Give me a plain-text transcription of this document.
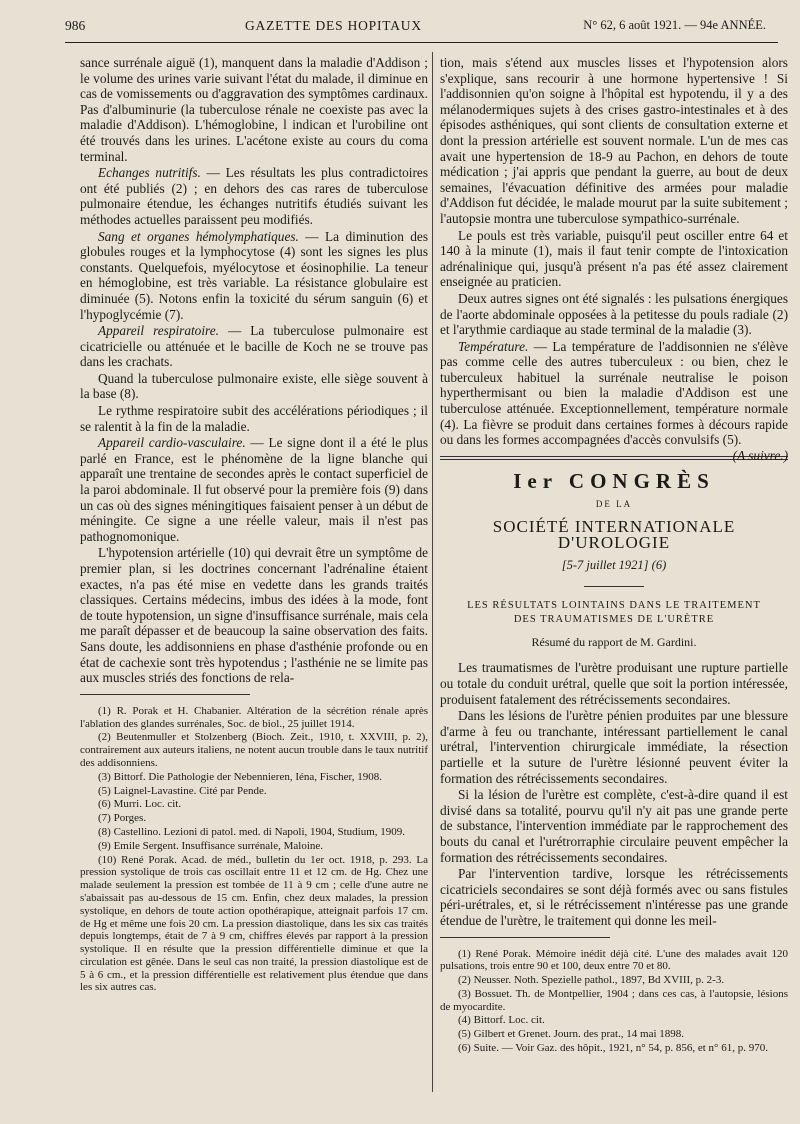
986	GAZETTE DES HOPITAUX	N° 62, 6 août 1921. — 94e ANNÉE.

sance surrénale aiguë (1), manquent dans la maladie d'Addison ; le volume des urines varie suivant l'état du malade, il diminue en cas de vomissements ou d'aggravation des symptômes cardinaux. Pas d'albuminurie (la tuberculose rénale ne coexiste pas avec la maladie d'Addison). L'hémoglobine, l indican et l'urobiline ont été trouvés dans les urines. L'acétone existe au cours du coma terminal.

Echanges nutritifs. — Les résultats les plus contradictoires ont été publiés (2) ; en dehors des cas rares de tuberculose pulmonaire étendue, les échanges nutritifs étudiés suivant les méthodes actuelles paraissent peu modifiés.

Sang et organes hémolymphatiques. — La diminution des globules rouges et la lymphocytose (4) sont les signes les plus constants. Quelquefois, myélocytose et éosinophilie. La teneur en hémoglobine, est très variable. La résistance globulaire est diminuée (5). Notons enfin la toxicité du sérum sanguin (6) et l'hypoglycémie (7).

Appareil respiratoire. — La tuberculose pulmonaire est cicatricielle ou atténuée et le bacille de Koch ne se trouve pas dans les crachats.

Quand la tuberculose pulmonaire existe, elle siège souvent à la base (8).

Le rythme respiratoire subit des accélérations périodiques ; il se ralentit à la fin de la maladie.

Appareil cardio-vasculaire. — Le signe dont il a été le plus parlé en France, est le phénomène de la ligne blanche qui apparaît une trentaine de secondes après le contact superficiel de la paroi abdominale. Il fut observé pour la première fois (9) dans un cas où des signes méningitiques faisaient penser à un début de méningite. Ce signe a une réelle valeur, mais il n'est pas pathognomonique.

L'hypotension artérielle (10) qui devrait être un symptôme de premier plan, si les doctrines concernant l'adrénaline étaient exactes, n'a pas été mise en vedette dans les grands traités classiques. Certains médecins, imbus des idées à la mode, font de toute hypotension, un signe d'insuffisance surrénale, mais cela me paraît dépasser et de beaucoup la saine observation des faits. Sans doute, les addisonniens en phase d'asthénie profonde ou en état de cachexie sont très hypotendus ; l'asthénie ne se limite pas aux muscles striés des fonctions de rela-

(1) R. Porak et H. Chabanier. Altération de la sécrétion rénale après l'ablation des glandes surrénales, Soc. de biol., 25 juillet 1914.

(2) Beutenmuller et Stolzenberg (Bioch. Zeit., 1910, t. XXVIII, p. 2), contrairement aux auteurs italiens, ne notent aucun trouble dans le taux nutritif des addisonniens.

(3) Bittorf. Die Pathologie der Nebennieren, Iéna, Fischer, 1908.

(5) Laignel-Lavastine. Cité par Pende.

(6) Murri. Loc. cit.

(7) Porges.

(8) Castellino. Lezioni di patol. med. di Napoli, 1904, Studium, 1909.

(9) Emile Sergent. Insuffisance surrénale, Maloine.

(10) René Porak. Acad. de méd., bulletin du 1er oct. 1918, p. 293. La pression systolique de trois cas oscillait entre 11 et 12 cm. de Hg. Chez une malade seulement la pression est tombée de 11 à 9 cm ; celle d'une autre ne s'abaissait pas au-dessous de 15 cm. Enfin, chez deux malades, la pression systolique, en dehors de toute action opothérapique, atteignait parfois 17 cm. de Hg et même une fois 20 cm. La pression diastolique, dans les six cas traités depuis longtemps, était de 7 à 9 cm, chiffres élevés par rapport à la pression systolique. Il en résulte que la pression différentielle diminue et que la circulation est gênée. Dans le seul cas non traité, la pression diastolique est de 5 à 6 cm., et la pression différentielle est relativement plus étendue que dans les six autres cas.

tion, mais s'étend aux muscles lisses et l'hypotension alors s'explique, sans recourir à une hormone hypertensive ! Si l'addisonnien qu'on soigne à l'hôpital est hypotendu, il y a des mélanodermiques sujets à des crises gastro-intestinales et à des épisodes asthéniques, qui sont clients de consultation externe et dont la pression artérielle est souvent normale. L'un de mes cas avait une hypertension de 18-9 au Pachon, en dehors de toute médication ; j'ai appris que pendant la guerre, au bout de deux semaines, l'évacuation définitive des armées pour maladie d'Addison fut décidée, le malade mourut par la suite subitement ; l'autopsie montra une tuberculose sympathico-surrénale.

Le pouls est très variable, puisqu'il peut osciller entre 64 et 140 à la minute (1), mais il faut tenir compte de l'intoxication adrénalinique qui, jusqu'à présent n'a pas été assez clairement enseignée au praticien.

Deux autres signes ont été signalés : les pulsations énergiques de l'aorte abdominale opposées à la petitesse du pouls radiale (2) et l'arythmie cardiaque au stade terminal de la maladie (3).

Température. — La température de l'addisonnien ne s'élève pas comme celle des autres tuberculeux : ou bien, chez le tuberculeux habituel la surrénale neutralise le poison hyperthermisant ou bien la maladie d'Addison est une tuberculose atténuée. Exceptionnellement, température normale (4). La fièvre se produit dans certaines formes à décours rapide ou dans les formes accompagnées d'accès convulsifs (5).
(A suivre.)

Ier CONGRÈS
DE LA
SOCIÉTÉ INTERNATIONALE D'UROLOGIE
[5-7 juillet 1921] (6)
LES RÉSULTATS LOINTAINS DANS LE TRAITEMENT
DES TRAUMATISMES DE L'URÈTRE
Résumé du rapport de M. Gardini.

Les traumatismes de l'urètre produisant une rupture partielle ou totale du conduit urétral, quelle que soit la portion intéressée, produisent fatalement des rétrécissements secondaires.

Dans les lésions de l'urètre pénien produites par une blessure d'arme à feu ou tranchante, intéressant partiellement le canal urétral, l'intervention chirurgicale immédiate, la résection partielle et la suture de l'urètre lésionné peuvent éviter la formation des rétrécissements secondaires.

Si la lésion de l'urètre est complète, c'est-à-dire quand il est divisé dans sa totalité, pourvu qu'il n'y ait pas une grande perte de substance, l'intervention immédiate par le rapprochement des bouts du canal et l'urétrorraphie circulaire peuvent empêcher la formation des rétrécissements secondaires.

Par l'intervention tardive, lorsque les rétrécissements cicatriciels secondaires se sont déjà formés avec ou sans fistules péri-urétrales, et, si le rétrécissement n'intéresse pas une grande étendue de l'urètre, le traitement qui donne les meil-

(1) René Porak. Mémoire inédit déjà cité. L'une des malades avait 120 pulsations, trois entre 90 et 100, deux entre 70 et 80.

(2) Neusser. Noth. Spezielle pathol., 1897, Bd XVIII, p. 2-3.

(3) Bossuet. Th. de Montpellier, 1904 ; dans ces cas, à l'autopsie, lésions de myocardite.

(4) Bittorf. Loc. cit.

(5) Gilbert et Grenet. Journ. des prat., 14 mai 1898.

(6) Suite. — Voir Gaz. des hôpit., 1921, n° 54, p. 856, et n° 61, p. 970.
